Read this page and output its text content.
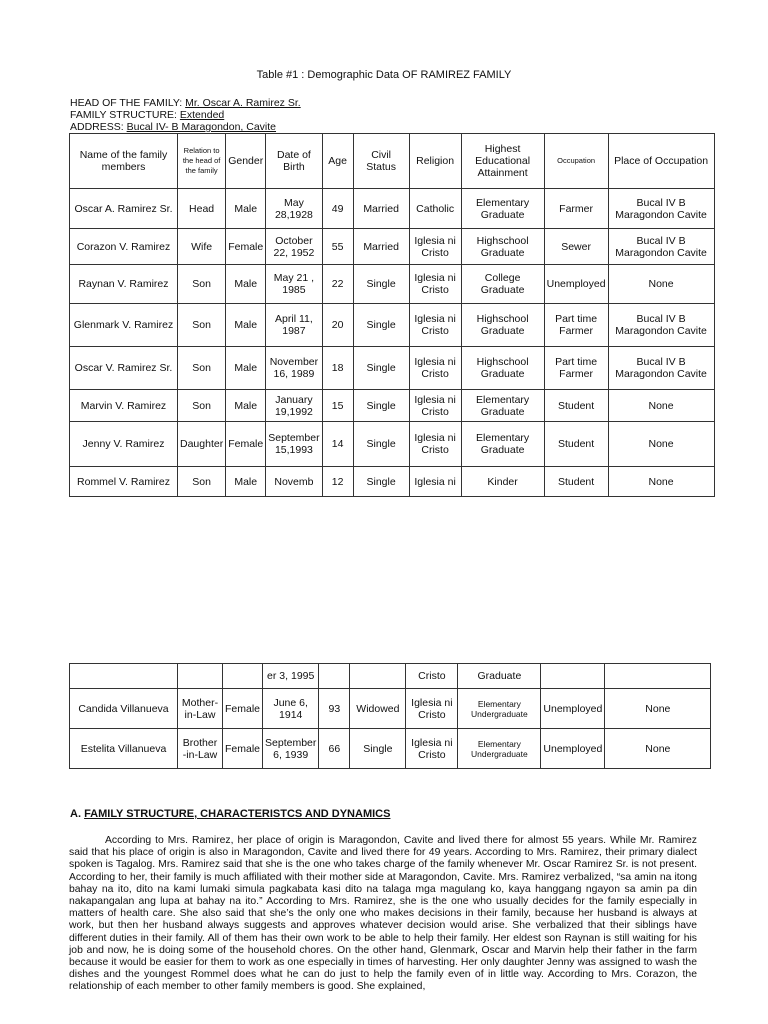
Table #1 : Demographic Data OF RAMIREZ FAMILY
HEAD OF THE FAMILY: Mr. Oscar A. Ramirez Sr.
FAMILY STRUCTURE: Extended
ADDRESS: Bucal IV- B Maragondon, Cavite
Name of the family members	Relation to the head of the family	Gender	Date of Birth	Age	Civil Status	Religion	Highest Educational Attainment	Occupation	Place of Occupation
Oscar A. Ramirez Sr.	Head	Male	May 28,1928	49	Married	Catholic	Elementary Graduate	Farmer	Bucal IV B Maragondon Cavite
Corazon V. Ramirez	Wife	Female	October 22, 1952	55	Married	Iglesia ni Cristo	Highschool Graduate	Sewer	Bucal IV B Maragondon Cavite
Raynan V. Ramirez	Son	Male	May 21 , 1985	22	Single	Iglesia ni Cristo	College Graduate	Unemployed	None
Glenmark V. Ramirez	Son	Male	April 11, 1987	20	Single	Iglesia ni Cristo	Highschool Graduate	Part time Farmer	Bucal IV B Maragondon Cavite
Oscar V. Ramirez Sr.	Son	Male	November 16, 1989	18	Single	Iglesia ni Cristo	Highschool Graduate	Part time Farmer	Bucal IV B Maragondon Cavite
Marvin V. Ramirez	Son	Male	January 19,1992	15	Single	Iglesia ni Cristo	Elementary Graduate	Student	None
Jenny V. Ramirez	Daughter	Female	September 15,1993	14	Single	Iglesia ni Cristo	Elementary Graduate	Student	None
Rommel V. Ramirez	Son	Male	Novemb	12	Single	Iglesia ni	Kinder	Student	None
			er 3, 1995			Cristo	Graduate		
Candida Villanueva	Mother-in-Law	Female	June 6, 1914	93	Widowed	Iglesia ni Cristo	Elementary Undergraduate	Unemployed	None
Estelita Villanueva	Brother -in-Law	Female	September 6, 1939	66	Single	Iglesia ni Cristo	Elementary Undergraduate	Unemployed	None
A. FAMILY STRUCTURE, CHARACTERISTCS AND DYNAMICS

According to Mrs. Ramirez, her place of origin is Maragondon, Cavite and lived there for almost 55 years. While Mr. Ramirez said that his place of origin is also in Maragondon, Cavite and lived there for 49 years. According to Mrs. Ramirez, their primary dialect spoken is Tagalog. Mrs. Ramirez said that she is the one who takes charge of the family whenever Mr. Oscar Ramirez Sr. is not present. According to her, their family is much affiliated with their mother side at Maragondon, Cavite. Mrs. Ramirez verbalized, “sa amin na itong bahay na ito, dito na kami lumaki simula pagkabata kasi dito na talaga mga magulang ko, kaya hanggang ngayon sa amin pa din nakapangalan ang lupa at bahay na ito.” According to Mrs. Ramirez, she is the one who usually decides for the family especially in matters of health care. She also said that she’s the only one who makes decisions in their family, because her husband is always at work, but then her husband always suggests and approves whatever decision would arise. She verbalized that their siblings have different duties in their family. All of them has their own work to be able to help their family. Her eldest son Raynan is still waiting for his job and now, he is doing some of the household chores. On the other hand, Glenmark, Oscar and Marvin help their father in the farm because it would be easier for them to work as one especially in times of harvesting. Her only daughter Jenny was assigned to wash the dishes and the youngest Rommel does what he can do just to help the family even of in little way. According to Mrs. Corazon, the relationship of each member to other family members is good. She explained,
